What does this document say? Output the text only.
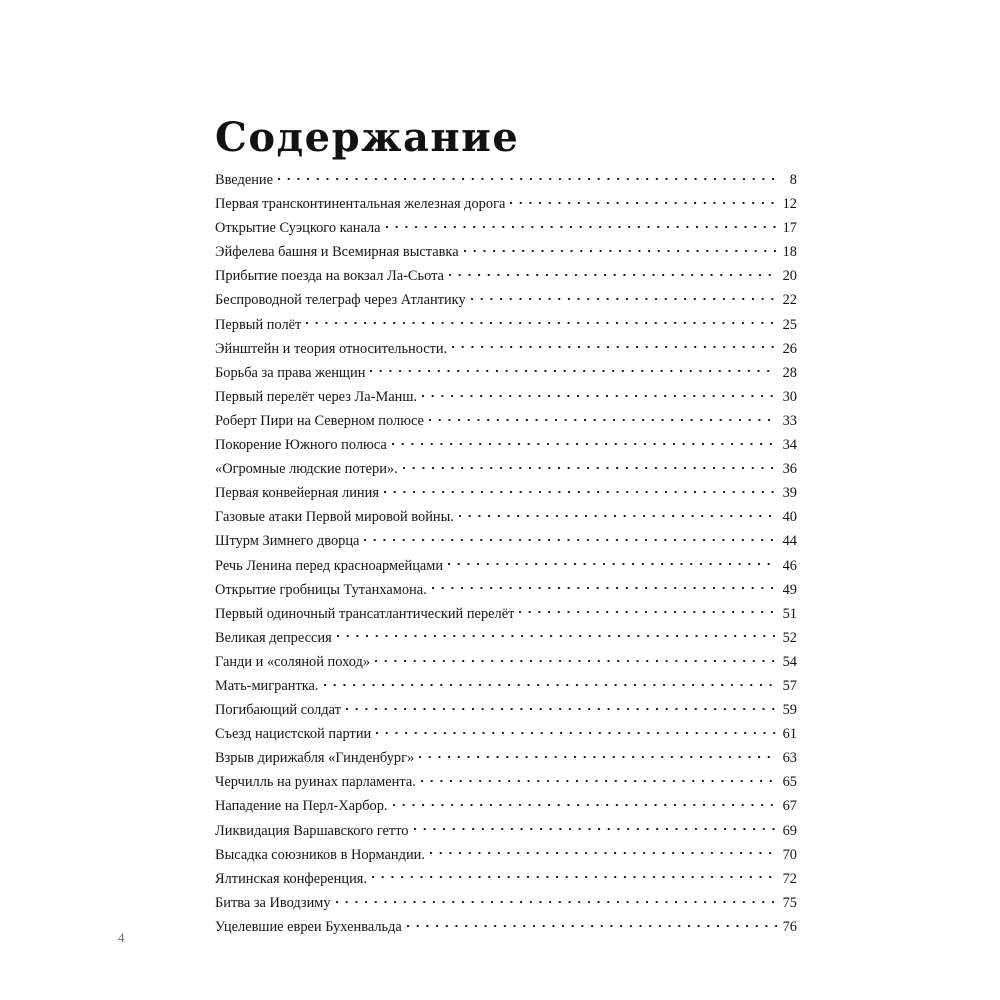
Содержание
Введение	8
Первая трансконтинентальная железная дорога	12
Открытие Суэцкого канала	17
Эйфелева башня и Всемирная выставка	18
Прибытие поезда на вокзал Ла-Сьота	20
Беспроводной телеграф через Атлантику	22
Первый полёт	25
Эйнштейн и теория относительности.	26
Борьба за права женщин	28
Первый перелёт через Ла-Манш.	30
Роберт Пири на Северном полюсе	33
Покорение Южного полюса	34
«Огромные людские потери».	36
Первая конвейерная линия	39
Газовые атаки Первой мировой войны.	40
Штурм Зимнего дворца	44
Речь Ленина перед красноармейцами	46
Открытие гробницы Тутанхамона.	49
Первый одиночный трансатлантический перелёт	51
Великая депрессия	52
Ганди и «соляной поход»	54
Мать-мигрантка.	57
Погибающий солдат	59
Съезд нацистской партии	61
Взрыв дирижабля «Гинденбург»	63
Черчилль на руинах парламента.	65
Нападение на Перл-Харбор.	67
Ликвидация Варшавского гетто	69
Высадка союзников в Нормандии.	70
Ялтинская конференция.	72
Битва за Иводзиму	75
Уцелевшие евреи Бухенвальда	76
4
